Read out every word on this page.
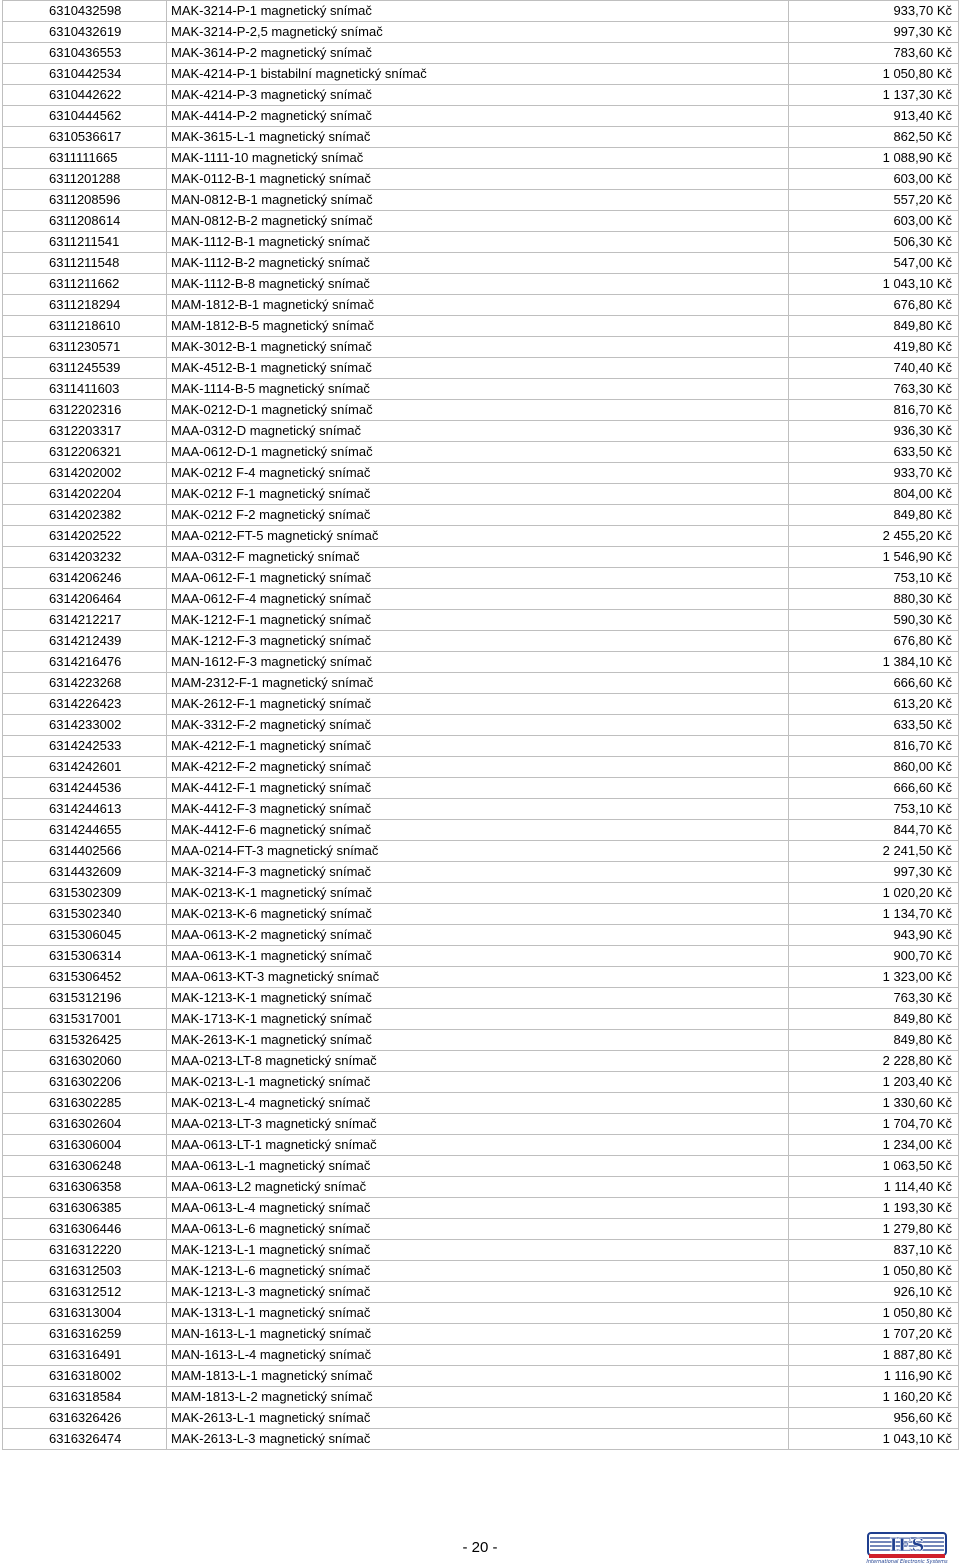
6310432598	MAK-3214-P-1 magnetický snímač	933,70 Kč
6310432619	MAK-3214-P-2,5 magnetický snímač	997,30 Kč
6310436553	MAK-3614-P-2 magnetický snímač	783,60 Kč
6310442534	MAK-4214-P-1 bistabilní magnetický snímač	1 050,80 Kč
6310442622	MAK-4214-P-3 magnetický snímač	1 137,30 Kč
6310444562	MAK-4414-P-2 magnetický snímač	913,40 Kč
6310536617	MAK-3615-L-1 magnetický snímač	862,50 Kč
6311111665	MAK-1111-10 magnetický snímač	1 088,90 Kč
6311201288	MAK-0112-B-1 magnetický snímač	603,00 Kč
6311208596	MAN-0812-B-1 magnetický snímač	557,20 Kč
6311208614	MAN-0812-B-2 magnetický snímač	603,00 Kč
6311211541	MAK-1112-B-1 magnetický snímač	506,30 Kč
6311211548	MAK-1112-B-2 magnetický snímač	547,00 Kč
6311211662	MAK-1112-B-8 magnetický snímač	1 043,10 Kč
6311218294	MAM-1812-B-1 magnetický snímač	676,80 Kč
6311218610	MAM-1812-B-5 magnetický snímač	849,80 Kč
6311230571	MAK-3012-B-1 magnetický snímač	419,80 Kč
6311245539	MAK-4512-B-1 magnetický snímač	740,40 Kč
6311411603	MAK-1114-B-5 magnetický snímač	763,30 Kč
6312202316	MAK-0212-D-1 magnetický snímač	816,70 Kč
6312203317	MAA-0312-D magnetický snímač	936,30 Kč
6312206321	MAA-0612-D-1 magnetický snímač	633,50 Kč
6314202002	MAK-0212 F-4 magnetický snímač	933,70 Kč
6314202204	MAK-0212 F-1 magnetický snímač	804,00 Kč
6314202382	MAK-0212 F-2 magnetický snímač	849,80 Kč
6314202522	MAA-0212-FT-5 magnetický snímač	2 455,20 Kč
6314203232	MAA-0312-F magnetický snímač	1 546,90 Kč
6314206246	MAA-0612-F-1 magnetický snímač	753,10 Kč
6314206464	MAA-0612-F-4 magnetický snímač	880,30 Kč
6314212217	MAK-1212-F-1 magnetický snímač	590,30 Kč
6314212439	MAK-1212-F-3 magnetický snímač	676,80 Kč
6314216476	MAN-1612-F-3 magnetický snímač	1 384,10 Kč
6314223268	MAM-2312-F-1 magnetický snímač	666,60 Kč
6314226423	MAK-2612-F-1 magnetický snímač	613,20 Kč
6314233002	MAK-3312-F-2 magnetický snímač	633,50 Kč
6314242533	MAK-4212-F-1 magnetický snímač	816,70 Kč
6314242601	MAK-4212-F-2 magnetický snímač	860,00 Kč
6314244536	MAK-4412-F-1 magnetický snímač	666,60 Kč
6314244613	MAK-4412-F-3 magnetický snímač	753,10 Kč
6314244655	MAK-4412-F-6 magnetický snímač	844,70 Kč
6314402566	MAA-0214-FT-3 magnetický snímač	2 241,50 Kč
6314432609	MAK-3214-F-3 magnetický snímač	997,30 Kč
6315302309	MAK-0213-K-1 magnetický snímač	1 020,20 Kč
6315302340	MAK-0213-K-6 magnetický snímač	1 134,70 Kč
6315306045	MAA-0613-K-2 magnetický snímač	943,90 Kč
6315306314	MAA-0613-K-1 magnetický snímač	900,70 Kč
6315306452	MAA-0613-KT-3 magnetický snímač	1 323,00 Kč
6315312196	MAK-1213-K-1 magnetický snímač	763,30 Kč
6315317001	MAK-1713-K-1 magnetický snímač	849,80 Kč
6315326425	MAK-2613-K-1 magnetický snímač	849,80 Kč
6316302060	MAA-0213-LT-8 magnetický snímač	2 228,80 Kč
6316302206	MAK-0213-L-1 magnetický snímač	1 203,40 Kč
6316302285	MAK-0213-L-4 magnetický snímač	1 330,60 Kč
6316302604	MAA-0213-LT-3 magnetický snímač	1 704,70 Kč
6316306004	MAA-0613-LT-1 magnetický snímač	1 234,00 Kč
6316306248	MAA-0613-L-1 magnetický snímač	1 063,50 Kč
6316306358	MAA-0613-L2 magnetický snímač	1 114,40 Kč
6316306385	MAA-0613-L-4 magnetický snímač	1 193,30 Kč
6316306446	MAA-0613-L-6 magnetický snímač	1 279,80 Kč
6316312220	MAK-1213-L-1 magnetický snímač	837,10 Kč
6316312503	MAK-1213-L-6 magnetický snímač	1 050,80 Kč
6316312512	MAK-1213-L-3 magnetický snímač	926,10 Kč
6316313004	MAK-1313-L-1 magnetický snímač	1 050,80 Kč
6316316259	MAN-1613-L-1 magnetický snímač	1 707,20 Kč
6316316491	MAN-1613-L-4 magnetický snímač	1 887,80 Kč
6316318002	MAM-1813-L-1 magnetický snímač	1 116,90 Kč
6316318584	MAM-1813-L-2 magnetický snímač	1 160,20 Kč
6316326426	MAK-2613-L-1 magnetický snímač	956,60 Kč
6316326474	MAK-2613-L-3 magnetický snímač	1 043,10 Kč
- 20 -	IES
International Electronic Systems
